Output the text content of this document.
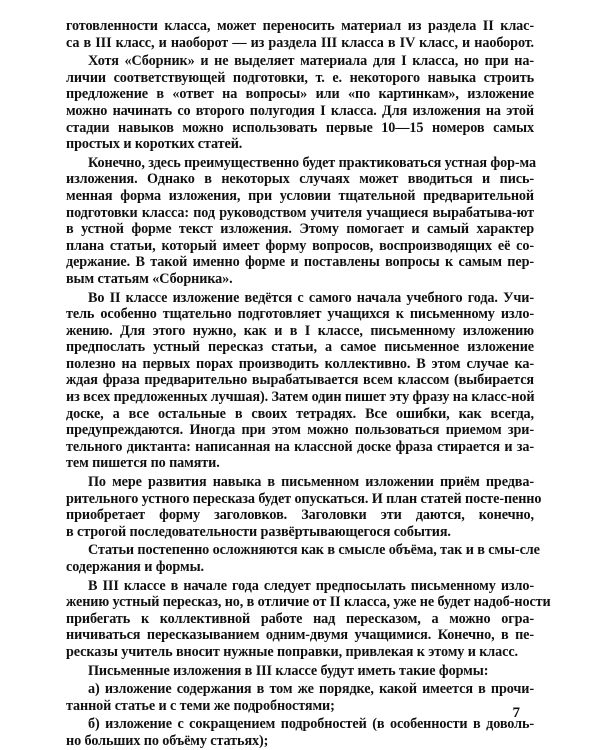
готовленности класса, может переносить материал из раздела II клас-
са в III класс, и наоборот — из раздела III класса в IV класс, и наоборот.
Хотя «Сборник» и не выделяет материала для I класса, но при на-
личии соответствующей подготовки, т. е. некоторого навыка строить
предложение в «ответ на вопросы» или «по картинкам», изложение
можно начинать со второго полугодия I класса. Для изложения на этой
стадии навыков можно использовать первые 10—15 номеров самых
простых и коротких статей.
Конечно, здесь преимущественно будет практиковаться устная фор-ма
изложения. Однако в некоторых случаях может вводиться и пись-
менная форма изложения, при условии тщательной предварительной
подготовки класса: под руководством учителя учащиеся вырабатыва-ют
в устной форме текст изложения. Этому помогает и самый характер
плана статьи, который имеет форму вопросов, воспроизводящих её со-
держание. В такой именно форме и поставлены вопросы к самым пер-
вым статьям «Сборника».
Во II классе изложение ведётся с самого начала учебного года. Учи-
тель особенно тщательно подготовляет учащихся к письменному изло-
жению. Для этого нужно, как и в I классе, письменному изложению
предпослать устный пересказ статьи, а самое письменное изложение
полезно на первых порах производить коллективно. В этом случае ка-
ждая фраза предварительно вырабатывается всем классом (выбирается
из всех предложенных лучшая). Затем один пишет эту фразу на класс-ной
доске, а все остальные в своих тетрадях. Все ошибки, как всегда,
предупреждаются. Иногда при этом можно пользоваться приемом зри-
тельного диктанта: написанная на классной доске фраза стирается и за-
тем пишется по памяти.
По мере развития навыка в письменном изложении приём предва-
рительного устного пересказа будет опускаться. И план статей посте-пенно
приобретает форму заголовков. Заголовки эти даются, конечно,
в строгой последовательности развёртывающегося события.
Статьи постепенно осложняются как в смысле объёма, так и в смы-сле
содержания и формы.
В III классе в начале года следует предпосылать письменному изло-
жению устный пересказ, но, в отличие от II класса, уже не будет надоб-ности
прибегать к коллективной работе над пересказом, а можно огра-
ничиваться пересказыванием одним-двумя учащимися. Конечно, в пе-
ресказы учитель вносит нужные поправки, привлекая к этому и класс.
Письменные изложения в III классе будут иметь такие формы:
а) изложение содержания в том же порядке, какой имеется в прочи-
танной статье и с теми же подробностями;
б) изложение с сокращением подробностей (в особенности в доволь-
но больших по объёму статьях);
7
